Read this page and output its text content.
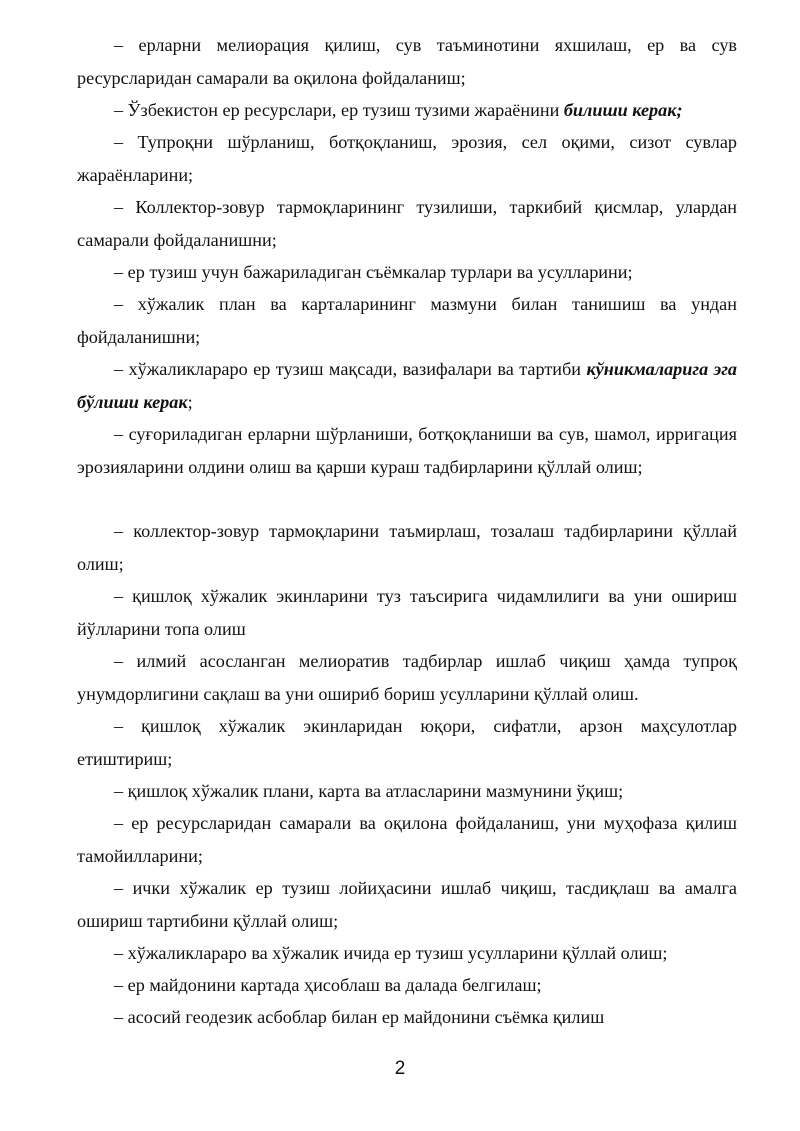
– ерларни мелиорация қилиш, сув таъминотини яхшилаш, ер ва сув ресурсларидан самарали ва оқилона фойдаланиш;

– Ўзбекистон ер ресурслари, ер тузиш тузими жараёнини билиши керак;

– Тупроқни шўрланиш, ботқоқланиш, эрозия, сел оқими, сизот сувлар жараёнларини;

– Коллектор-зовур тармоқларининг тузилиши, таркибий қисмлар, улардан самарали фойдаланишни;

– ер тузиш учун бажариладиган съёмкалар турлари ва усулларини;

– хўжалик план ва карталарининг мазмуни билан танишиш ва ундан фойдаланишни;

– хўжаликлараро ер тузиш мақсади, вазифалари ва тартиби кўникмаларига эга бўлиши керак;

– суғориладиган ерларни шўрланиши, ботқоқланиши ва сув, шамол, ирригация эрозияларини олдини олиш ва қарши кураш тадбирларини қўллай олиш;

– коллектор-зовур тармоқларини таъмирлаш, тозалаш тадбирларини қўллай олиш;

– қишлоқ хўжалик экинларини туз таъсирига чидамлилиги ва уни ошириш йўлларини топа олиш

– илмий асосланган мелиоратив тадбирлар ишлаб чиқиш ҳамда тупроқ унумдорлигини сақлаш ва уни ошириб бориш усулларини қўллай олиш.

– қишлоқ хўжалик экинларидан юқори, сифатли, арзон маҳсулотлар етиштириш;

– қишлоқ хўжалик плани, карта ва атласларини мазмунини ўқиш;

– ер ресурсларидан самарали ва оқилона фойдаланиш, уни муҳофаза қилиш тамойилларини;

– ички хўжалик ер тузиш лойиҳасини ишлаб чиқиш, тасдиқлаш ва амалга ошириш тартибини қўллай олиш;

– хўжаликлараро ва хўжалик ичида ер тузиш усулларини қўллай олиш;

– ер майдонини картада ҳисоблаш ва далада белгилаш;

– асосий геодезик асбоблар билан ер майдонини съёмка қилиш

2
